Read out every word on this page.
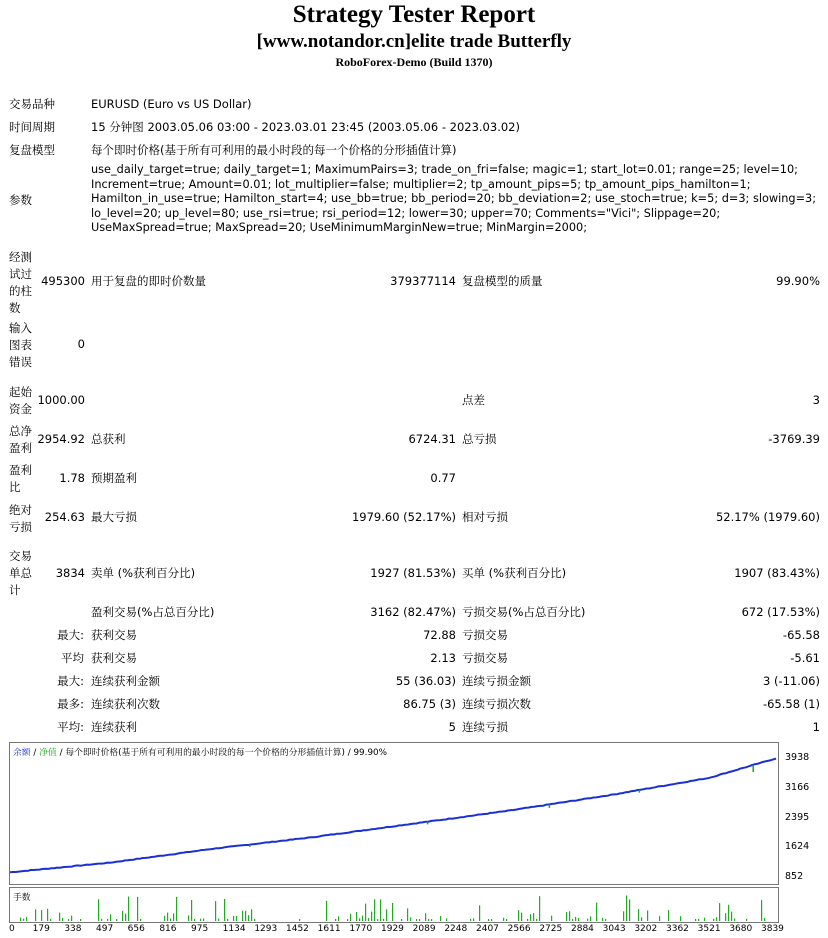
Strategy Tester Report
[www.notandor.cn]elite trade Butterfly
RoboForex-Demo (Build 1370)
交易品种	EURUSD (Euro vs US Dollar)
时间周期	15 分钟图 2003.05.06 03:00 - 2023.03.01 23:45 (2003.05.06 - 2023.03.02)
复盘模型	每个即时价格(基于所有可利用的最小时段的每一个价格的分形插值计算)
参数
use_daily_target=true; daily_target=1; MaximumPairs=3; trade_on_fri=false; magic=1; start_lot=0.01; range=25; level=10; Increment=true; Amount=0.01; lot_multiplier=false; multiplier=2; tp_amount_pips=5; tp_amount_pips_hamilton=1; Hamilton_in_use=true; Hamilton_start=4; use_bb=true; bb_period=20; bb_deviation=2; use_stoch=true; k=5; d=3; slowing=3; lo_level=20; up_level=80; use_rsi=true; rsi_period=12; lower=30; upper=70; Comments="Vici"; Slippage=20; UseMaxSpread=true; MaxSpread=20; UseMinimumMarginNew=true; MinMargin=2000;
经测试过的柱数
495300 用于复盘的即时价数量	379377114 复盘模型的质量	99.90%
输入图表错误
0
起始资金
1000.00	点差	3
总净盈利
2954.92 总获利	6724.31 总亏损	-3769.39
盈利比
1.78 预期盈利	0.77
绝对亏损
254.63 最大亏损	1979.60 (52.17%) 相对亏损	52.17% (1979.60)
交易单总计
3834 卖单 (%获利百分比)	1927 (81.53%) 买单 (%获利百分比)	1907 (83.43%)
盈利交易(%占总百分比)	3162 (82.47%) 亏损交易(%占总百分比)	672 (17.53%)
最大: 获利交易	72.88 亏损交易	-65.58
平均 获利交易	2.13 亏损交易	-5.61
最大: 连续获利金额	55 (36.03) 连续亏损金额	3 (-11.06)
最多: 连续获利次数	86.75 (3) 连续亏损次数	-65.58 (1)
平均: 连续获利	5 连续亏损	1
余额 / 净值 / 每个即时价格(基于所有可利用的最小时段的每一个价格的分形插值计算) / 99.90%	3938
3166
2395
1624
852
手数
0 179 338 497 656 816 975 1134 1293 1452 1611 1770 1929 2089 2248 2407 2566 2725 2884 3043 3202 3362 3521 3680 3839
